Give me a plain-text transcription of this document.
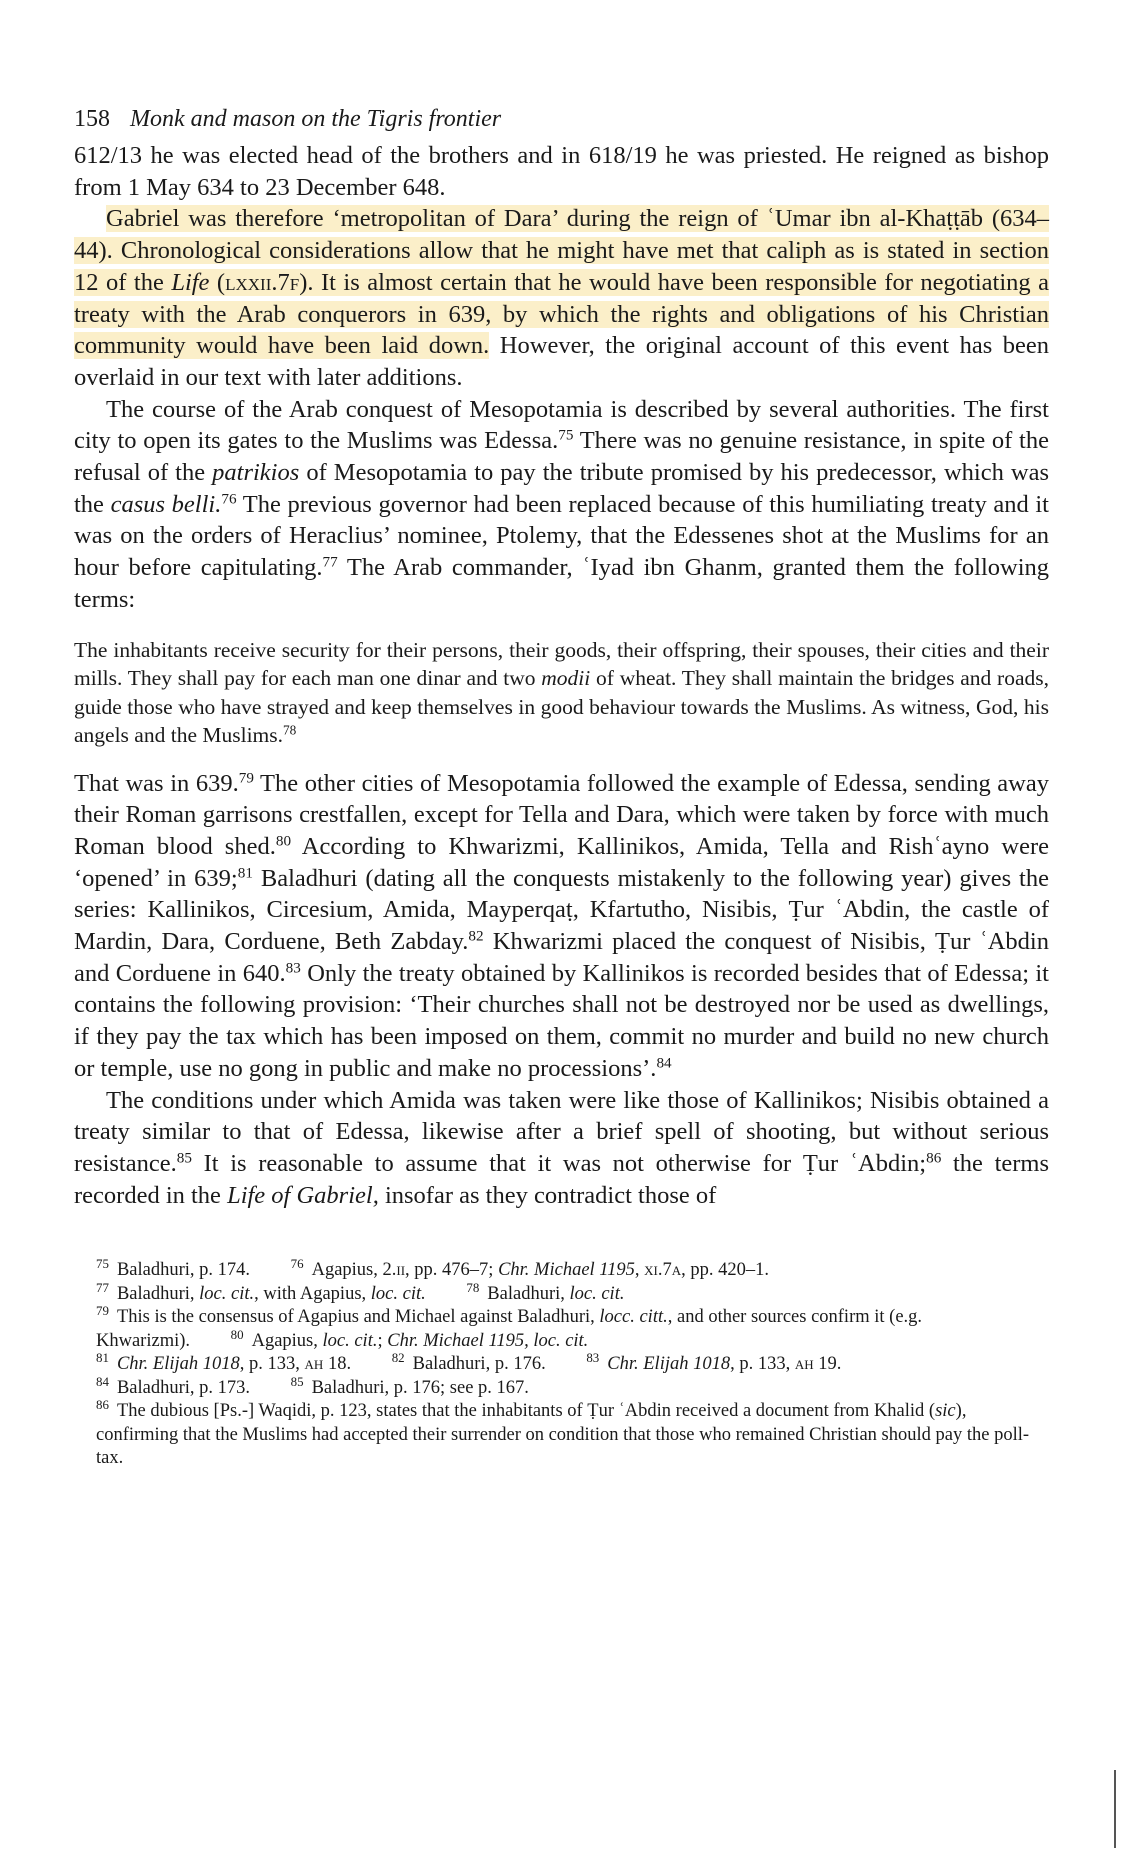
158 Monk and mason on the Tigris frontier

612/13 he was elected head of the brothers and in 618/19 he was priested. He reigned as bishop from 1 May 634 to 23 December 648.

Gabriel was therefore ‘metropolitan of Dara’ during the reign of ʿUmar ibn al-Khaṭṭāb (634–44). Chronological considerations allow that he might have met that caliph as is stated in section 12 of the Life (lxxii.7f). It is almost certain that he would have been responsible for negotiating a treaty with the Arab conquerors in 639, by which the rights and obligations of his Christian community would have been laid down. However, the original account of this event has been overlaid in our text with later additions.

The course of the Arab conquest of Mesopotamia is described by several authorities. The first city to open its gates to the Muslims was Edessa.$^{75}$ There was no genuine resistance, in spite of the refusal of the patrikios of Mesopotamia to pay the tribute promised by his predecessor, which was the casus belli.$^{76}$ The previous governor had been replaced because of this humiliating treaty and it was on the orders of Heraclius’ nominee, Ptolemy, that the Edessenes shot at the Muslims for an hour before capitulating.$^{77}$ The Arab commander, ʿIyad ibn Ghanm, granted them the following terms:

The inhabitants receive security for their persons, their goods, their offspring, their spouses, their cities and their mills. They shall pay for each man one dinar and two modii of wheat. They shall maintain the bridges and roads, guide those who have strayed and keep themselves in good behaviour towards the Muslims. As witness, God, his angels and the Muslims.$^{78}$

That was in 639.79 The other cities of Mesopotamia followed the example of Edessa, sending away their Roman garrisons crestfallen, except for Tella and Dara, which were taken by force with much Roman blood shed.$^{80}$ According to Khwarizmi, Kallinikos, Amida, Tella and Rishʿayno were ‘opened’ in 639;$^{81}$ Baladhuri (dating all the conquests mistakenly to the following year) gives the series: Kallinikos, Circesium, Amida, Mayperqaṭ, Kfartutho, Nisibis, Ṭur ʿAbdin, the castle of Mardin, Dara, Corduene, Beth Zabday.$^{82}$ Khwarizmi placed the conquest of Nisibis, Ṭur ʿAbdin and Corduene in 640.83 Only the treaty obtained by Kallinikos is recorded besides that of Edessa; it contains the following provision: ‘Their churches shall not be destroyed nor be used as dwellings, if they pay the tax which has been imposed on them, commit no murder and build no new church or temple, use no gong in public and make no processions’.$^{84}$

The conditions under which Amida was taken were like those of Kallinikos; Nisibis obtained a treaty similar to that of Edessa, likewise after a brief spell of shooting, but without serious resistance.$^{85}$ It is reasonable to assume that it was not otherwise for Ṭur ʿAbdin;$^{86}$ the terms recorded in the Life of Gabriel, insofar as they contradict those of

$^{75}$ Baladhuri, p. 174.	$^{76}$ Agapius, 2.ii, pp. 476–7; Chr. Michael 1195, xi.7a, pp. 420–1.

$^{77}$ Baladhuri, loc. cit., with Agapius, loc. cit.	$^{78}$ Baladhuri, loc. cit.

$^{79}$ This is the consensus of Agapius and Michael against Baladhuri, locc. citt., and other sources confirm it (e.g. Khwarizmi).	$^{80}$ Agapius, loc. cit.; Chr. Michael 1195, loc. cit.

$^{81}$ Chr. Elijah 1018, p. 133, ah 18.	$^{82}$ Baladhuri, p. 176.	$^{83}$ Chr. Elijah 1018, p. 133, ah 19.

$^{84}$ Baladhuri, p. 173.	$^{85}$ Baladhuri, p. 176; see p. 167.

$^{86}$ The dubious [Ps.-] Waqidi, p. 123, states that the inhabitants of Ṭur ʿAbdin received a document from Khalid (sic), confirming that the Muslims had accepted their surrender on condition that those who remained Christian should pay the poll-tax.
